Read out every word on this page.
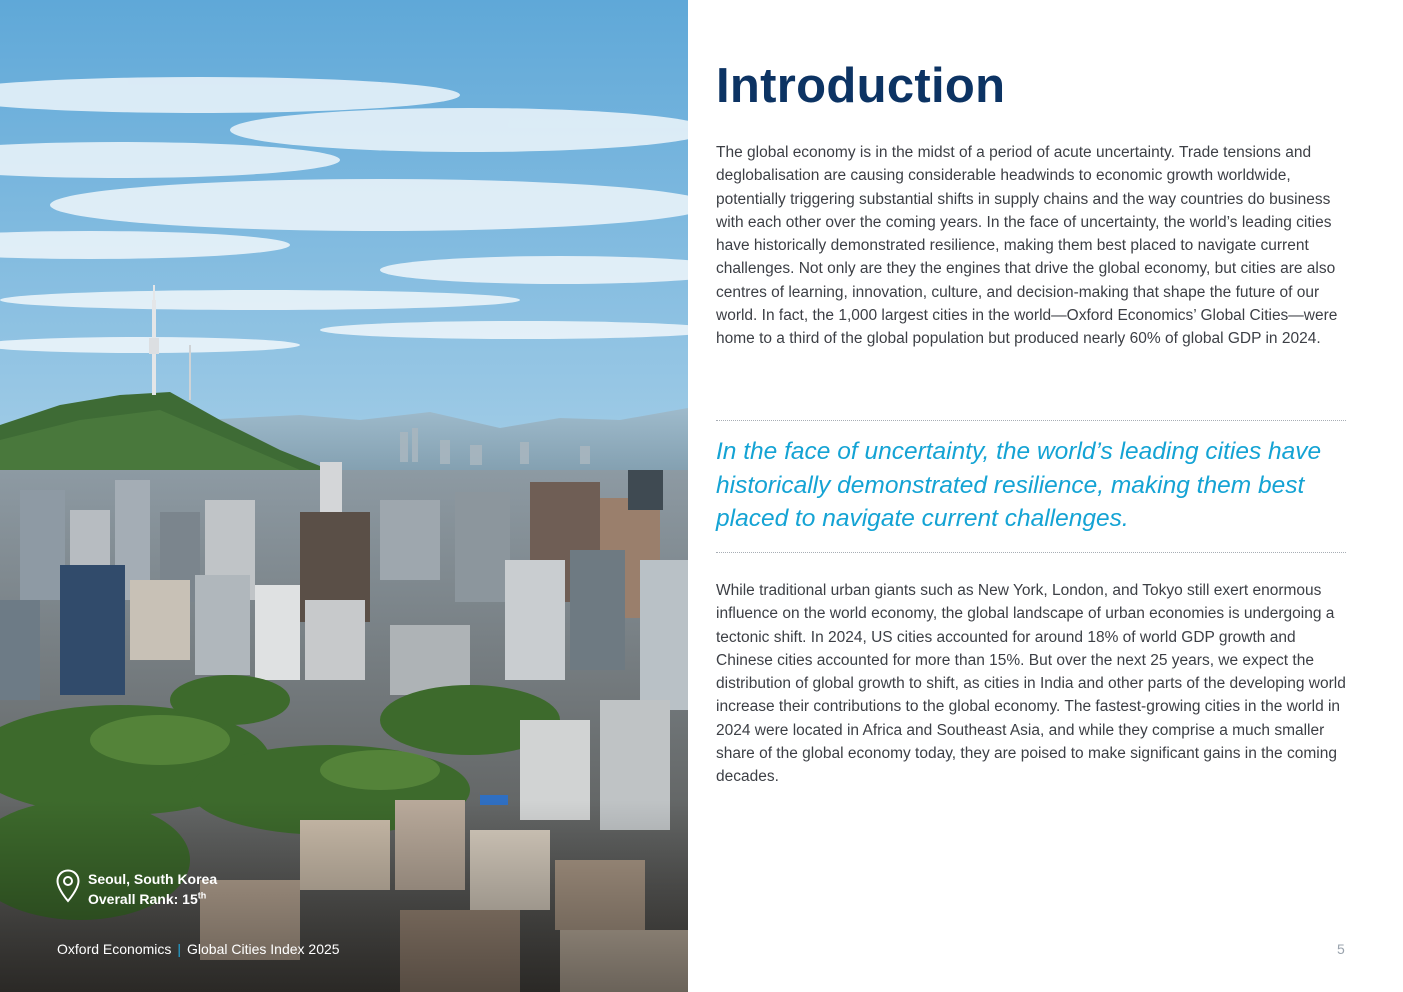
Seoul, South Korea
Overall Rank: 15th
Oxford Economics | Global Cities Index 2025	5
Introduction

The global economy is in the midst of a period of acute uncertainty. Trade tensions and deglobalisation are causing considerable headwinds to economic growth worldwide, potentially triggering substantial shifts in supply chains and the way countries do business with each other over the coming years. In the face of uncertainty, the world’s leading cities have historically demonstrated resilience, making them best placed to navigate current challenges. Not only are they the engines that drive the global economy, but cities are also centres of learning, innovation, culture, and decision-making that shape the future of our world. In fact, the 1,000 largest cities in the world—Oxford Economics’ Global Cities—were home to a third of the global population but produced nearly 60% of global GDP in 2024.

In the face of uncertainty, the world’s leading cities have historically demonstrated resilience, making them best placed to navigate current challenges.

While traditional urban giants such as New York, London, and Tokyo still exert enormous influence on the world economy, the global landscape of urban economies is undergoing a tectonic shift. In 2024, US cities accounted for around 18% of world GDP growth and Chinese cities accounted for more than 15%. But over the next 25 years, we expect the distribution of global growth to shift, as cities in India and other parts of the developing world increase their contributions to the global economy. The fastest-growing cities in the world in 2024 were located in Africa and Southeast Asia, and while they comprise a much smaller share of the global economy today, they are poised to make significant gains in the coming decades.
